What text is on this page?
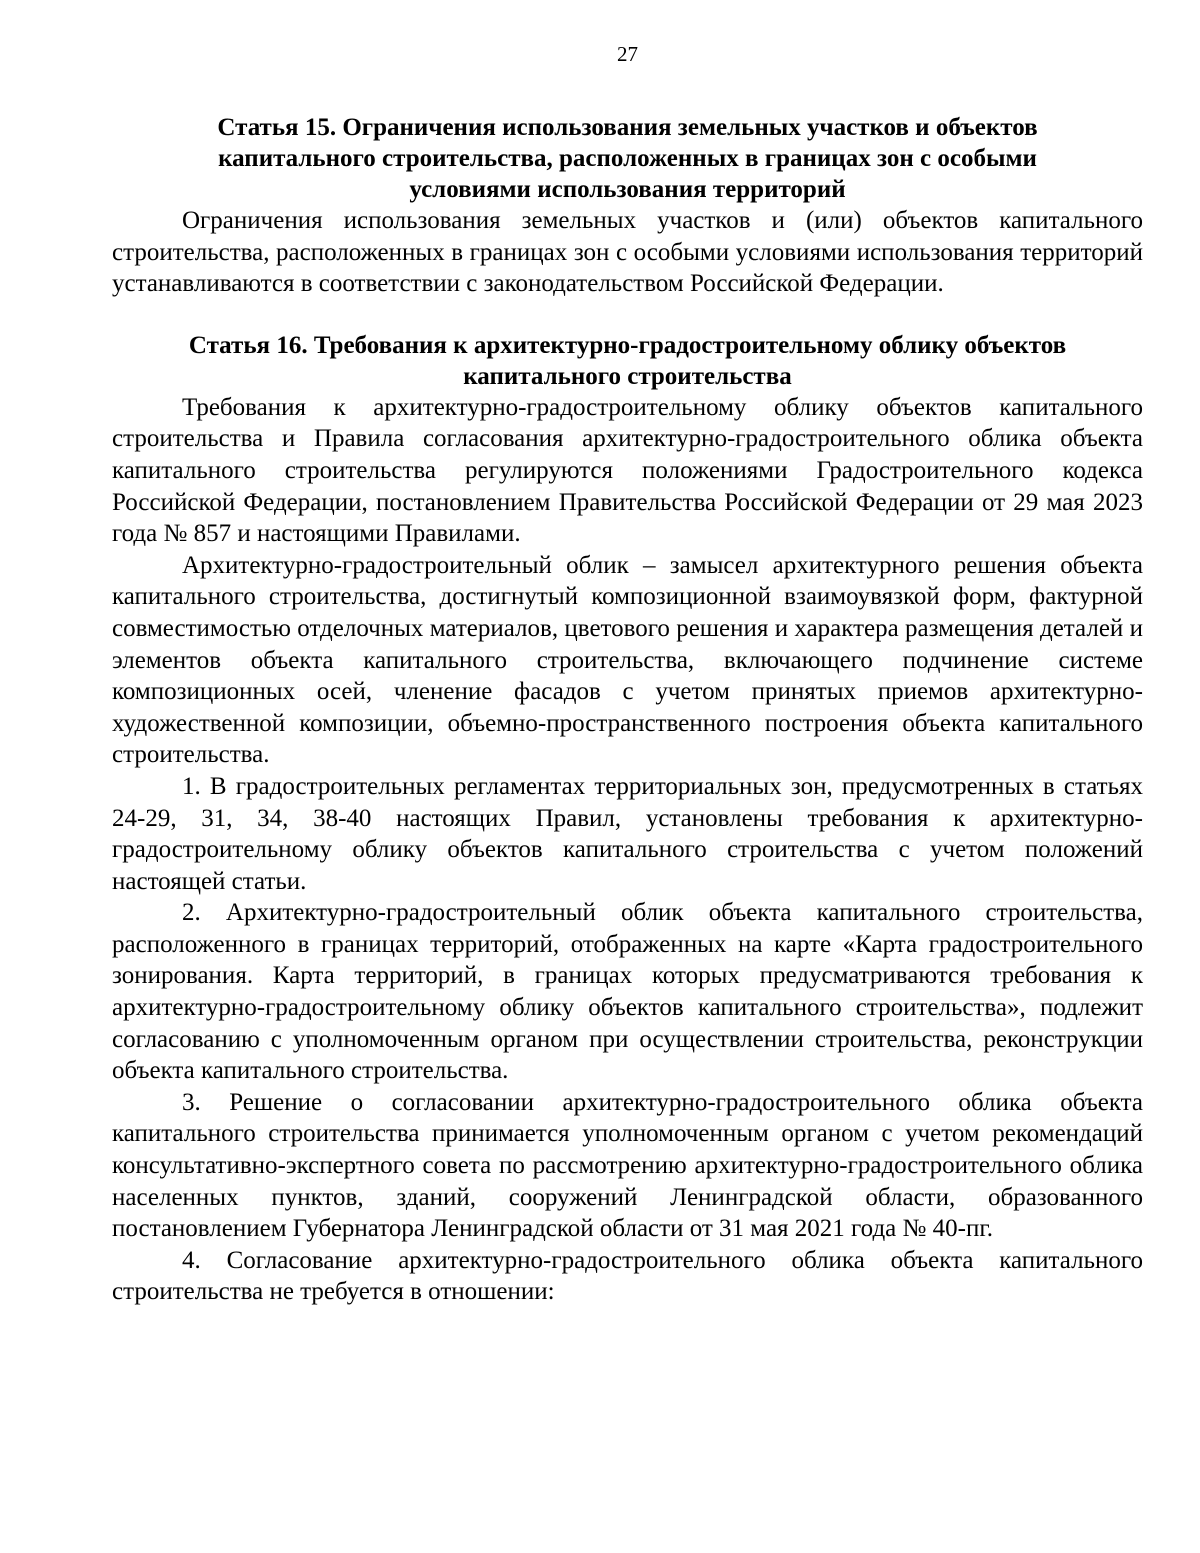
27
Статья 15. Ограничения использования земельных участков и объектов капитального строительства, расположенных в границах зон с особыми условиями использования территорий

Ограничения использования земельных участков и (или) объектов капитального строительства, расположенных в границах зон с особыми условиями использования территорий устанавливаются в соответствии с законодательством Российской Федерации.

Статья 16. Требования к архитектурно-градостроительному облику объектов капитального строительства

Требования к архитектурно-градостроительному облику объектов капитального строительства и Правила согласования архитектурно-градостроительного облика объекта капитального строительства регулируются положениями Градостроительного кодекса Российской Федерации, постановлением Правительства Российской Федерации от 29 мая 2023 года № 857 и настоящими Правилами.

Архитектурно-градостроительный облик – замысел архитектурного решения объекта капитального строительства, достигнутый композиционной взаимоувязкой форм, фактурной совместимостью отделочных материалов, цветового решения и характера размещения деталей и элементов объекта капитального строительства, включающего подчинение системе композиционных осей, членение фасадов с учетом принятых приемов архитектурно-художественной композиции, объемно-пространственного построения объекта капитального строительства.

1. В градостроительных регламентах территориальных зон, предусмотренных в статьях 24-29, 31, 34, 38-40 настоящих Правил, установлены требования к архитектурно-градостроительному облику объектов капитального строительства с учетом положений настоящей статьи.

2. Архитектурно-градостроительный облик объекта капитального строительства, расположенного в границах территорий, отображенных на карте «Карта градостроительного зонирования. Карта территорий, в границах которых предусматриваются требования к архитектурно-градостроительному облику объектов капитального строительства», подлежит согласованию с уполномоченным органом при осуществлении строительства, реконструкции объекта капитального строительства.

3. Решение о согласовании архитектурно-градостроительного облика объекта капитального строительства принимается уполномоченным органом с учетом рекомендаций консультативно-экспертного совета по рассмотрению архитектурно-градостроительного облика населенных пунктов, зданий, сооружений Ленинградской области, образованного постановлением Губернатора Ленинградской области от 31 мая 2021 года № 40-пг.

4. Согласование архитектурно-градостроительного облика объекта капитального строительства не требуется в отношении:
